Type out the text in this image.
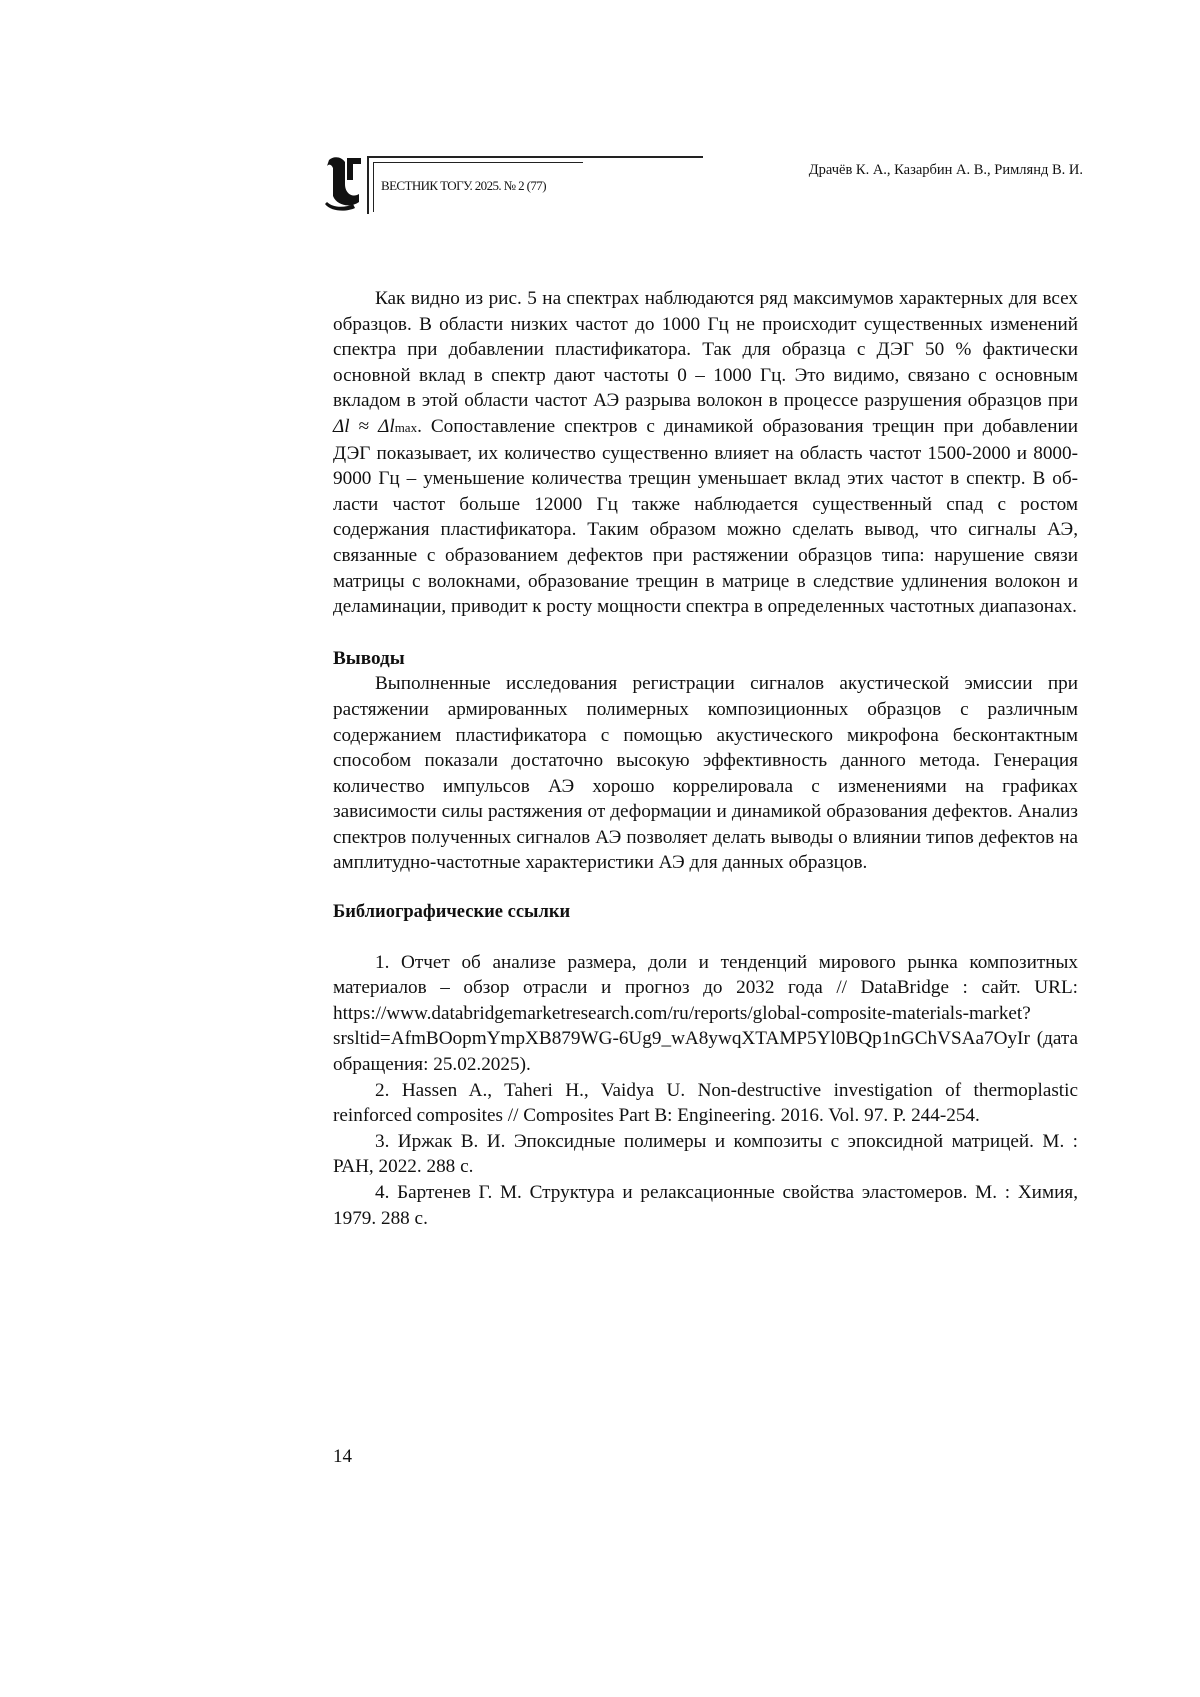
ВЕСТНИК ТОГУ. 2025. № 2 (77)
Драчёв К. А., Казарбин А. В., Римлянд В. И.

Как видно из рис. 5 на спектрах наблюдаются ряд максимумов характерных для всех образцов. В области низких частот до 1000 Гц не происходит существенных изменений спектра при добавлении пластификатора. Так для образца с ДЭГ 50 % фактически основной вклад в спектр дают частоты 0 – 1000 Гц. Это видимо, связано с основным вкладом в этой области частот АЭ разрыва волокон в процессе разрушения образцов при Δl ≈ Δlmax. Сопоставление спектров с динамикой образования трещин при добавлении ДЭГ показывает, их количество существенно влияет на область частот 1500-2000 и 8000-9000 Гц – уменьшение количества трещин уменьшает вклад этих частот в спектр. В области частот больше 12000 Гц также наблюдается существенный спад с ростом содержания пластификатора. Таким образом можно сделать вывод, что сигналы АЭ, связанные с образованием дефектов при растяжении образцов типа: нарушение связи матрицы с волокнами, образование трещин в матрице в следствие удлинения волокон и деламинации, приводит к росту мощности спектра в определенных частотных диапазонах.

Выводы

Выполненные исследования регистрации сигналов акустической эмиссии при растяжении армированных полимерных композиционных образцов с различным содержанием пластификатора с помощью акустического микрофона бесконтактным способом показали достаточно высокую эффективность данного метода. Генерация количество импульсов АЭ хорошо коррелировала с изменениями на графиках зависимости силы растяжения от деформации и динамикой образования дефектов. Анализ спектров полученных сигналов АЭ позволяет делать выводы о влиянии типов дефектов на амплитудно-частотные характеристики АЭ для данных образцов.

Библиографические ссылки
1. Отчет об анализе размера, доли и тенденций мирового рынка композитных материалов – обзор отрасли и прогноз до 2032 года // DataBridge : сайт. URL: https://www.databridgemarketresearch.com/ru/reports/global-composite-materials-market? srsltid=AfmBOopmYmpXB879WG-6Ug9_wA8ywqXTAMP5Yl0BQp1nGChVSAa7OyIr (дата обращения: 25.02.2025).
2. Hassen A., Taheri H., Vaidya U. Non-destructive investigation of thermoplastic reinforced composites // Composites Part B: Engineering. 2016. Vol. 97. P. 244-254.
3. Иржак В. И. Эпоксидные полимеры и композиты с эпоксидной матрицей. М. : РАН, 2022. 288 с.
4. Бартенев Г. М. Структура и релаксационные свойства эластомеров. М. : Химия, 1979. 288 с.
14
